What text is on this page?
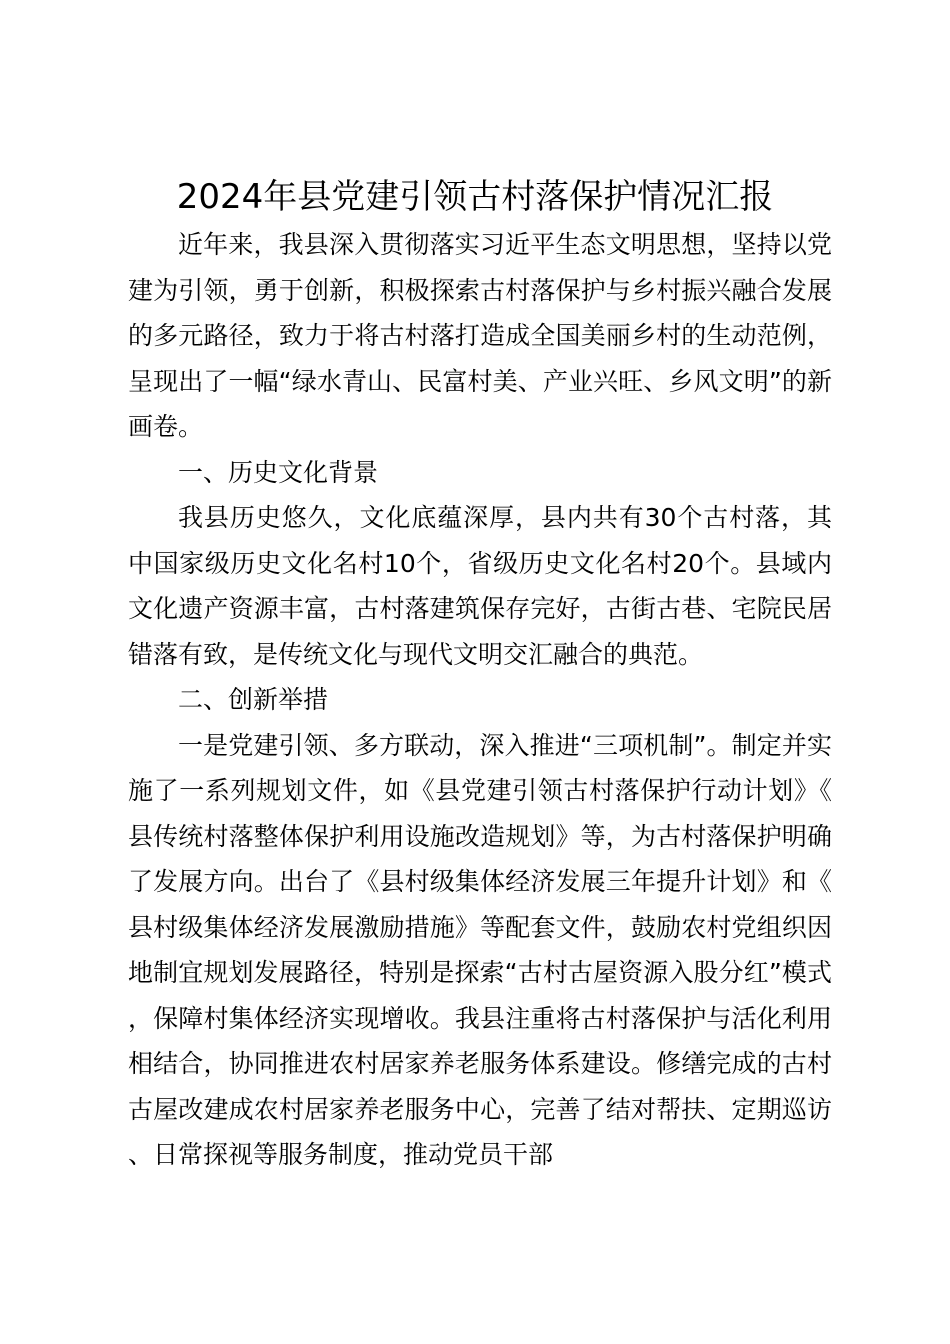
2024年县党建引领古村落保护情况汇报

近年来，我县深入贯彻落实习近平生态文明思想，坚持以党建为引领，勇于创新，积极探索古村落保护与乡村振兴融合发展的多元路径，致力于将古村落打造成全国美丽乡村的生动范例，呈现出了一幅“绿水青山、民富村美、产业兴旺、乡风文明”的新画卷。

一、历史文化背景

我县历史悠久，文化底蕴深厚，县内共有30个古村落，其中国家级历史文化名村10个，省级历史文化名村20个。县域内文化遗产资源丰富，古村落建筑保存完好，古街古巷、宅院民居错落有致，是传统文化与现代文明交汇融合的典范。

二、创新举措

一是党建引领、多方联动，深入推进“三项机制”。制定并实施了一系列规划文件，如《县党建引领古村落保护行动计划》《县传统村落整体保护利用设施改造规划》等，为古村落保护明确了发展方向。出台了《县村级集体经济发展三年提升计划》和《县村级集体经济发展激励措施》等配套文件，鼓励农村党组织因地制宜规划发展路径，特别是探索“古村古屋资源入股分红”模式，保障村集体经济实现增收。我县注重将古村落保护与活化利用相结合，协同推进农村居家养老服务体系建设。修缮完成的古村古屋改建成农村居家养老服务中心，完善了结对帮扶、定期巡访、日常探视等服务制度，推动党员干部
